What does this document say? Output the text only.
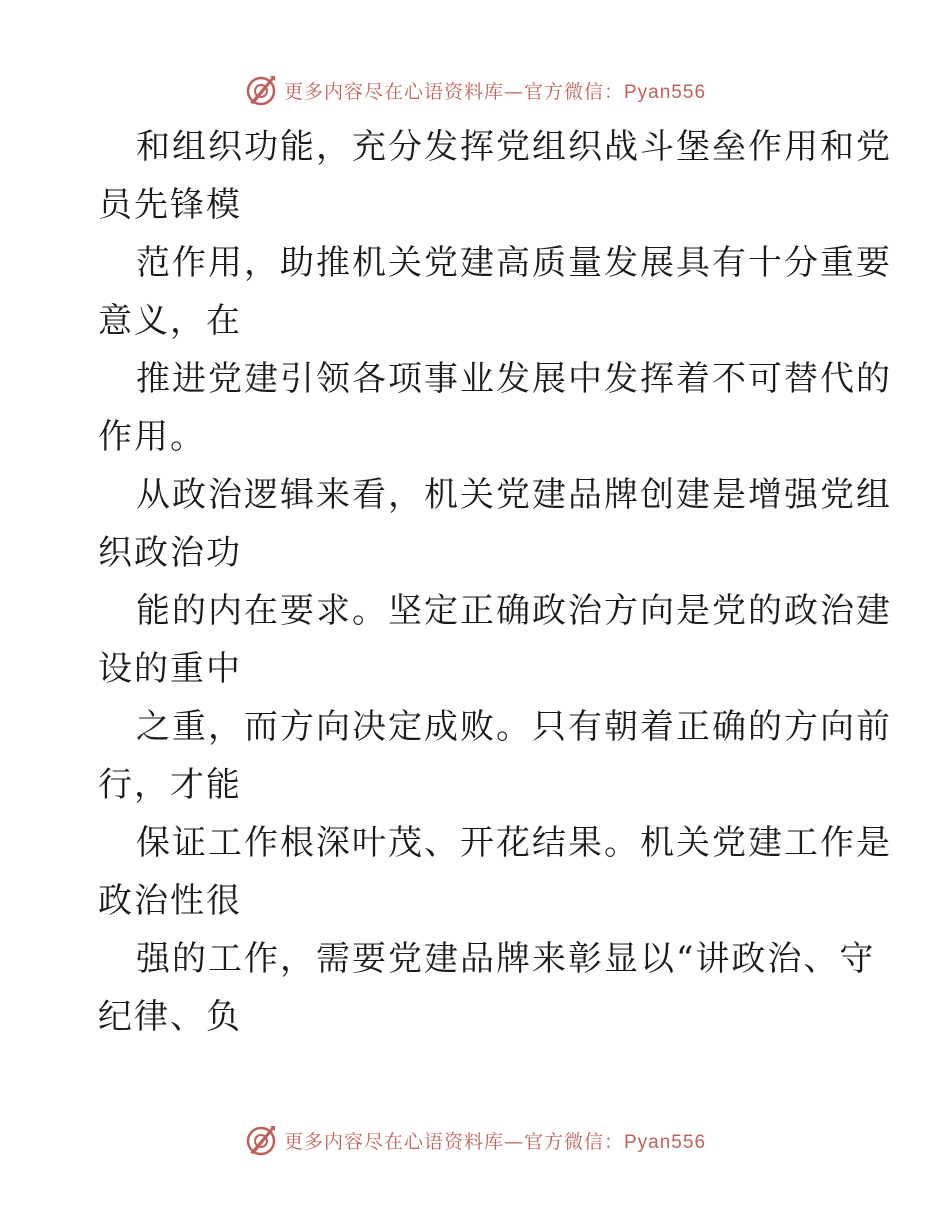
更多内容尽在心语资料库—官方微信：Pyan556
和组织功能，充分发挥党组织战斗堡垒作用和党
员先锋模
范作用，助推机关党建高质量发展具有十分重要
意义，在
推进党建引领各项事业发展中发挥着不可替代的
作用。
从政治逻辑来看，机关党建品牌创建是增强党组
织政治功
能的内在要求。坚定正确政治方向是党的政治建
设的重中
之重，而方向决定成败。只有朝着正确的方向前
行，才能
保证工作根深叶茂、开花结果。机关党建工作是
政治性很
强的工作，需要党建品牌来彰显以“讲政治、守
纪律、负
更多内容尽在心语资料库—官方微信：Pyan556
